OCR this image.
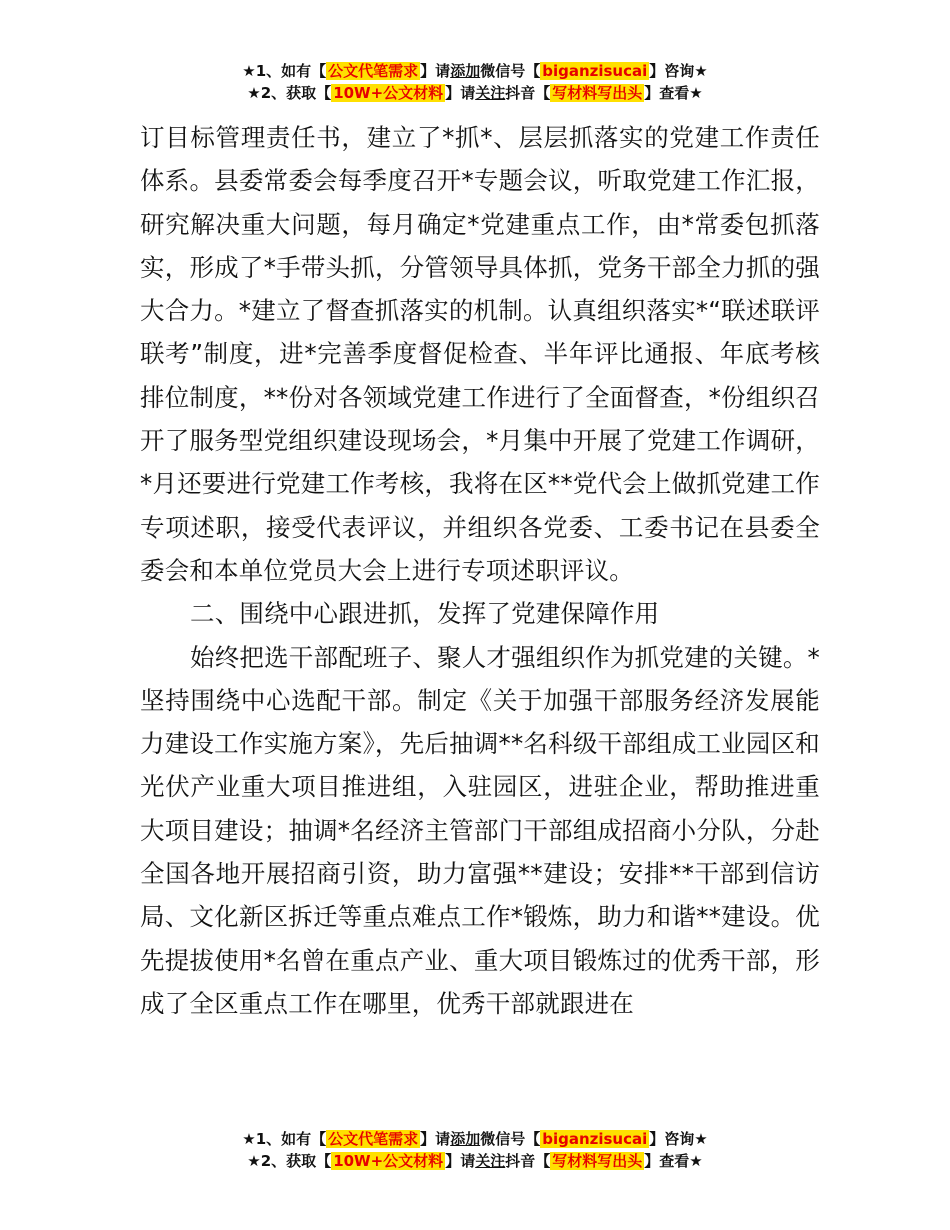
★1、如有【 公文代笔需求 】请添加微信号【 biganzisucai 】咨询★
★2、获取【 10W+公文材料 】请关注抖音【 写材料写出头 】查看★

订目标管理责任书，建立了*抓*、层层抓落实的党建工作责任体系。县委常委会每季度召开*专题会议，听取党建工作汇报，研究解决重大问题，每月确定*党建重点工作，由*常委包抓落实，形成了*手带头抓，分管领导具体抓，党务干部全力抓的强大合力。*建立了督查抓落实的机制。认真组织落实*“联述联评联考”制度，进*完善季度督促检查、半年评比通报、年底考核排位制度，**份对各领域党建工作进行了全面督查，*份组织召开了服务型党组织建设现场会，*月集中开展了党建工作调研，*月还要进行党建工作考核，我将在区**党代会上做抓党建工作专项述职，接受代表评议，并组织各党委、工委书记在县委全委会和本单位党员大会上进行专项述职评议。

二、围绕中心跟进抓，发挥了党建保障作用

始终把选干部配班子、聚人才强组织作为抓党建的关键。*坚持围绕中心选配干部。制定《关于加强干部服务经济发展能力建设工作实施方案》，先后抽调**名科级干部组成工业园区和光伏产业重大项目推进组，入驻园区，进驻企业，帮助推进重大项目建设；抽调*名经济主管部门干部组成招商小分队，分赴全国各地开展招商引资，助力富强**建设；安排**干部到信访局、文化新区拆迁等重点难点工作*锻炼，助力和谐**建设。优先提拔使用*名曾在重点产业、重大项目锻炼过的优秀干部，形成了全区重点工作在哪里，优秀干部就跟进在

★1、如有【 公文代笔需求 】请添加微信号【 biganzisucai 】咨询★
★2、获取【 10W+公文材料 】请关注抖音【 写材料写出头 】查看★
